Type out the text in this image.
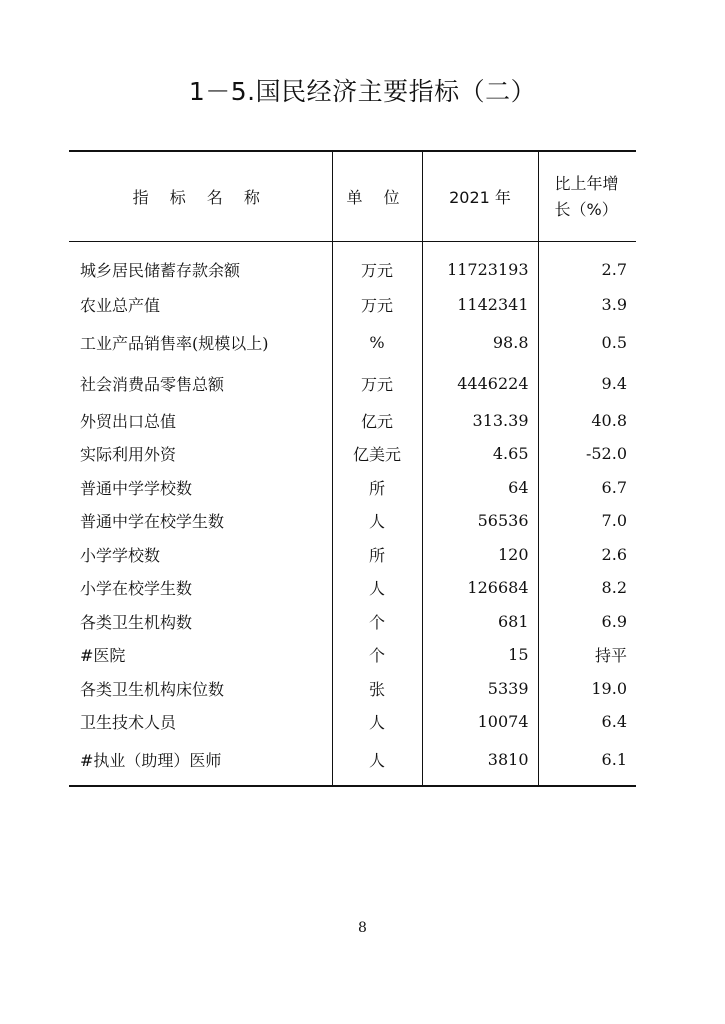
1－5.国民经济主要指标（二）
指 标 名 称	单 位	2021 年	比上年增
长（%）

城乡居民储蓄存款余额	万元	11723193	2.7
农业总产值	万元	1142341	3.9
工业产品销售率(规模以上)	%	98.8	0.5
社会消费品零售总额	万元	4446224	9.4
外贸出口总值	亿元	313.39	40.8
实际利用外资	亿美元	4.65	-52.0
普通中学学校数	所	64	6.7
普通中学在校学生数	人	56536	7.0
小学学校数	所	120	2.6
小学在校学生数	人	126684	8.2
各类卫生机构数	个	681	6.9
#医院	个	15	持平
各类卫生机构床位数	张	5339	19.0
卫生技术人员	人	10074	6.4
#执业（助理）医师	人	3810	6.1
8
